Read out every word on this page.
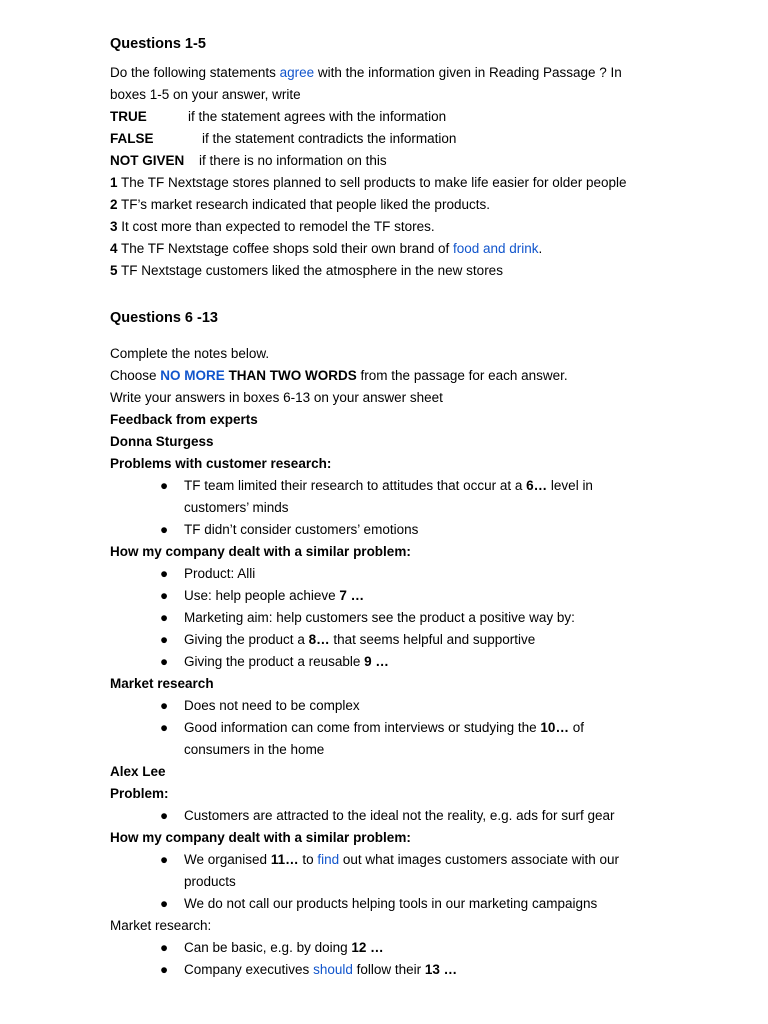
Questions 1-5
Do the following statements agree with the information given in Reading Passage ? In
boxes 1-5 on your answer, write
TRUE	if the statement agrees with the information
FALSE	if the statement contradicts the information
NOT GIVEN if there is no information on this
1 The TF Nextstage stores planned to sell products to make life easier for older people
2 TF’s market research indicated that people liked the products.
3 It cost more than expected to remodel the TF stores.
4 The TF Nextstage coffee shops sold their own brand of food and drink.
5 TF Nextstage customers liked the atmosphere in the new stores
Questions 6 -13
Complete the notes below.
Choose NO MORE THAN TWO WORDS from the passage for each answer.
Write your answers in boxes 6-13 on your answer sheet
Feedback from experts
Donna Sturgess
Problems with customer research:
● TF team limited their research to attitudes that occur at a 6… level in
customers’ minds
● TF didn’t consider customers’ emotions
How my company dealt with a similar problem:
● Product: Alli
● Use: help people achieve 7 …
● Marketing aim: help customers see the product a positive way by:
● Giving the product a 8… that seems helpful and supportive
● Giving the product a reusable 9 …
Market research
● Does not need to be complex
● Good information can come from interviews or studying the 10… of
consumers in the home
Alex Lee
Problem:
● Customers are attracted to the ideal not the reality, e.g. ads for surf gear
How my company dealt with a similar problem:
● We organised 11… to find out what images customers associate with our
products
● We do not call our products helping tools in our marketing campaigns
Market research:
● Can be basic, e.g. by doing 12 …
● Company executives should follow their 13 …
